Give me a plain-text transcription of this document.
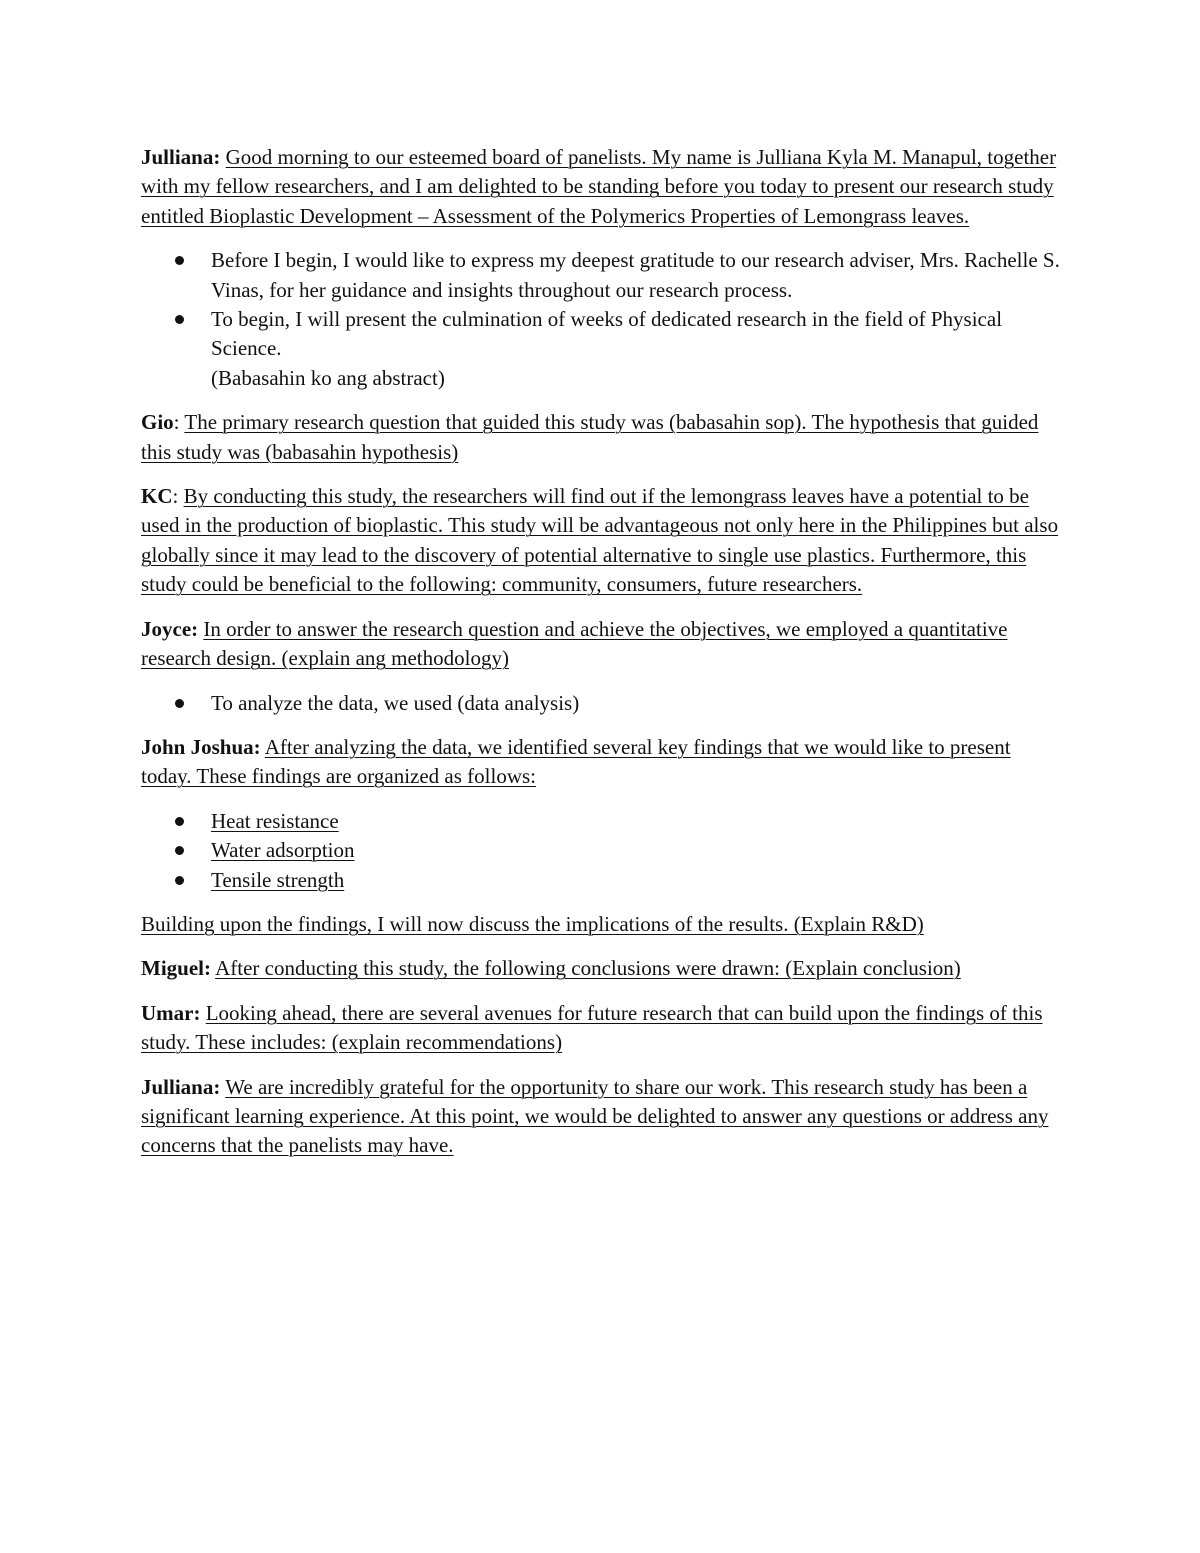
Julliana: Good morning to our esteemed board of panelists. My name is Julliana Kyla M. Manapul, together with my fellow researchers, and I am delighted to be standing before you today to present our research study entitled Bioplastic Development – Assessment of the Polymerics Properties of Lemongrass leaves.

Before I begin, I would like to express my deepest gratitude to our research adviser, Mrs. Rachelle S. Vinas, for her guidance and insights throughout our research process.
To begin, I will present the culmination of weeks of dedicated research in the field of Physical Science.
(Babasahin ko ang abstract)

Gio: The primary research question that guided this study was (babasahin sop). The hypothesis that guided this study was (babasahin hypothesis)

KC: By conducting this study, the researchers will find out if the lemongrass leaves have a potential to be used in the production of bioplastic. This study will be advantageous not only here in the Philippines but also globally since it may lead to the discovery of potential alternative to single use plastics. Furthermore, this study could be beneficial to the following: community, consumers, future researchers.

Joyce: In order to answer the research question and achieve the objectives, we employed a quantitative research design. (explain ang methodology)

To analyze the data, we used (data analysis)

John Joshua: After analyzing the data, we identified several key findings that we would like to present today. These findings are organized as follows:

Heat resistance
Water adsorption
Tensile strength

Building upon the findings, I will now discuss the implications of the results. (Explain R&D)

Miguel: After conducting this study, the following conclusions were drawn: (Explain conclusion)

Umar: Looking ahead, there are several avenues for future research that can build upon the findings of this study. These includes: (explain recommendations)

Julliana: We are incredibly grateful for the opportunity to share our work. This research study has been a significant learning experience. At this point, we would be delighted to answer any questions or address any concerns that the panelists may have.
